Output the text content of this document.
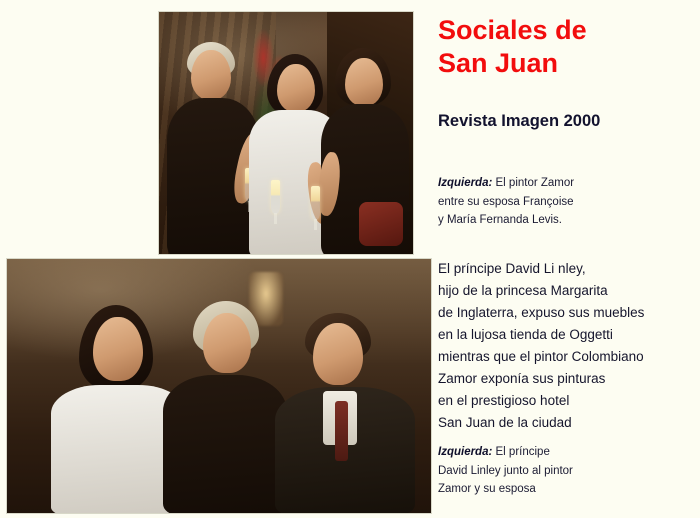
Sociales de
San Juan
Revista Imagen 2000
Izquierda: El pintor Zamor
entre su esposa Françoise
y María Fernanda Levis.
El príncipe David Li nley,
hijo de la princesa Margarita
de Inglaterra, expuso sus muebles
en la lujosa tienda de Oggetti
mientras que el pintor Colombiano
Zamor exponía sus pinturas
en el prestigioso hotel
San Juan de la ciudad
Izquierda: El príncipe
David Linley junto al pintor
Zamor y su esposa
